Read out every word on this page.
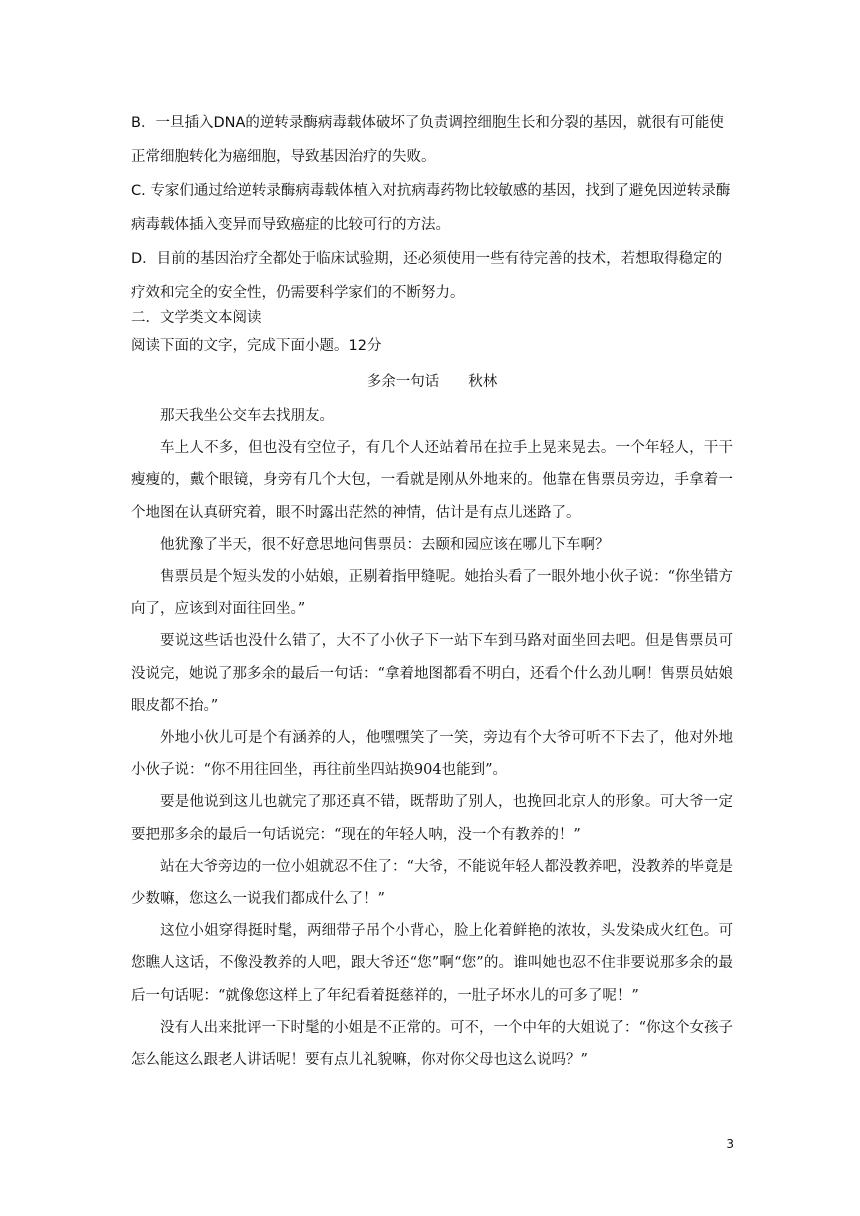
B．一旦插入DNA的逆转录酶病毒载体破坏了负责调控细胞生长和分裂的基因，就很有可能使正常细胞转化为癌细胞，导致基因治疗的失败。

C. 专家们通过给逆转录酶病毒载体植入对抗病毒药物比较敏感的基因，找到了避免因逆转录酶病毒载体插入变异而导致癌症的比较可行的方法。

D．目前的基因治疗全都处于临床试验期，还必须使用一些有待完善的技术，若想取得稳定的疗效和完全的安全性，仍需要科学家们的不断努力。

二．文学类文本阅读

阅读下面的文字，完成下面小题。12分

多余一句话　　秋林

那天我坐公交车去找朋友。

车上人不多，但也没有空位子，有几个人还站着吊在拉手上晃来晃去。一个年轻人，干干瘦瘦的，戴个眼镜，身旁有几个大包，一看就是刚从外地来的。他靠在售票员旁边，手拿着一个地图在认真研究着，眼不时露出茫然的神情，估计是有点儿迷路了。

他犹豫了半天，很不好意思地问售票员：去颐和园应该在哪儿下车啊？

售票员是个短头发的小姑娘，正剔着指甲缝呢。她抬头看了一眼外地小伙子说：“你坐错方向了，应该到对面往回坐。”

要说这些话也没什么错了，大不了小伙子下一站下车到马路对面坐回去吧。但是售票员可没说完，她说了那多余的最后一句话：“拿着地图都看不明白，还看个什么劲儿啊！售票员姑娘眼皮都不抬。”

外地小伙儿可是个有涵养的人，他嘿嘿笑了一笑，旁边有个大爷可听不下去了，他对外地小伙子说：“你不用往回坐，再往前坐四站换904也能到”。

要是他说到这儿也就完了那还真不错，既帮助了别人，也挽回北京人的形象。可大爷一定要把那多余的最后一句话说完：“现在的年轻人呐，没一个有教养的！”

站在大爷旁边的一位小姐就忍不住了：“大爷，不能说年轻人都没教养吧，没教养的毕竟是少数嘛，您这么一说我们都成什么了！”

这位小姐穿得挺时髦，两细带子吊个小背心，脸上化着鲜艳的浓妆，头发染成火红色。可您瞧人这话，不像没教养的人吧，跟大爷还“您”啊“您”的。谁叫她也忍不住非要说那多余的最后一句话呢：“就像您这样上了年纪看着挺慈祥的，一肚子坏水儿的可多了呢！”

没有人出来批评一下时髦的小姐是不正常的。可不，一个中年的大姐说了：“你这个女孩子怎么能这么跟老人讲话呢！要有点儿礼貌嘛，你对你父母也这么说吗？”

3
